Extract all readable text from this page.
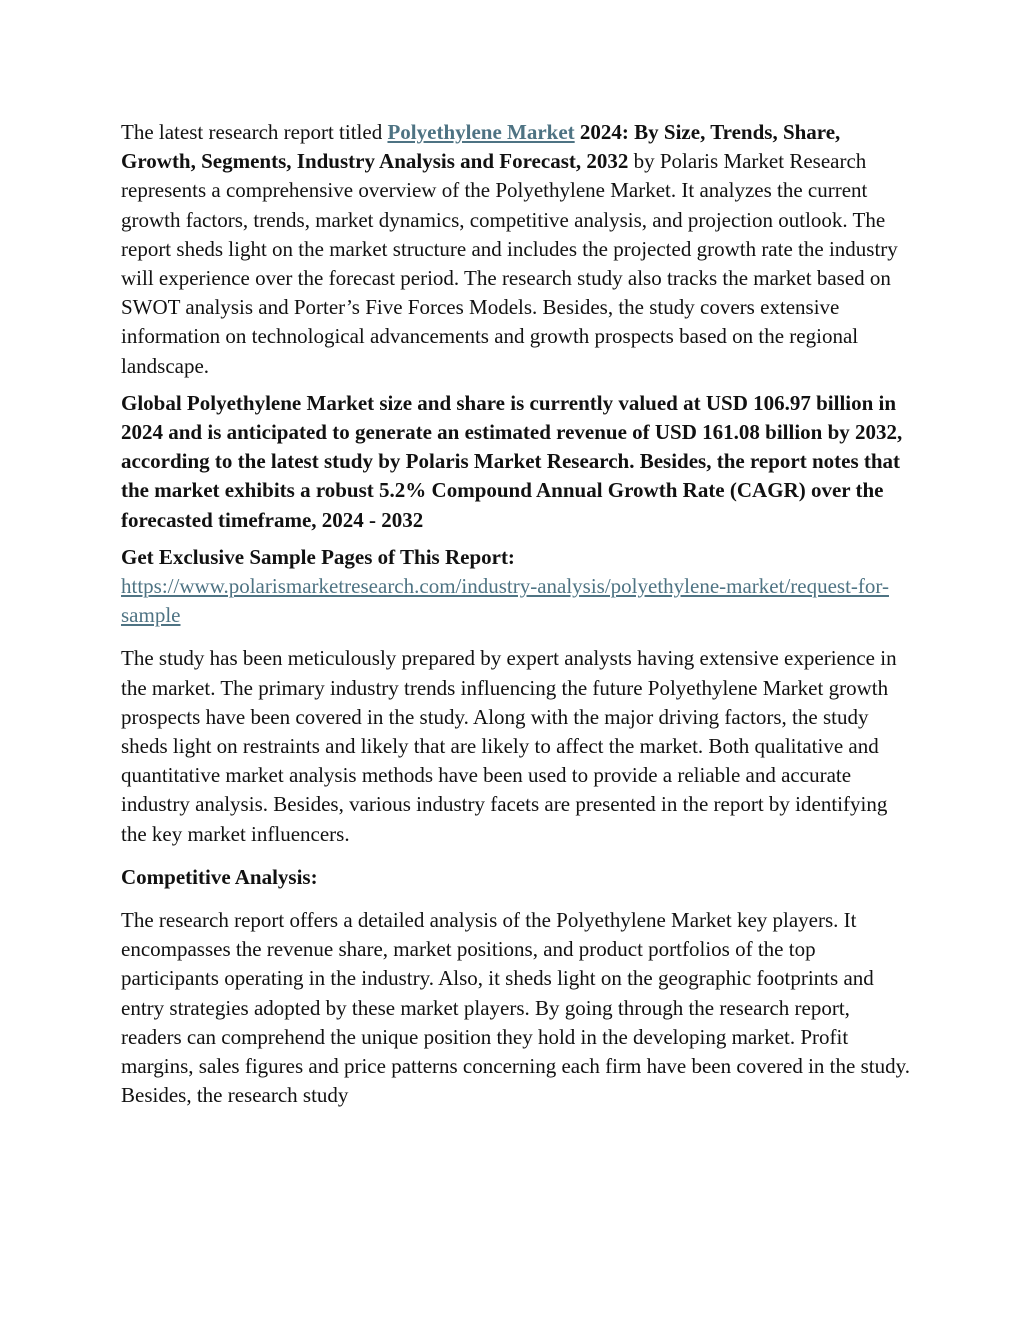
The latest research report titled Polyethylene Market 2024: By Size, Trends, Share, Growth, Segments, Industry Analysis and Forecast, 2032 by Polaris Market Research represents a comprehensive overview of the Polyethylene Market. It analyzes the current growth factors, trends, market dynamics, competitive analysis, and projection outlook. The report sheds light on the market structure and includes the projected growth rate the industry will experience over the forecast period. The research study also tracks the market based on SWOT analysis and Porter’s Five Forces Models. Besides, the study covers extensive information on technological advancements and growth prospects based on the regional landscape.

Global Polyethylene Market size and share is currently valued at USD 106.97 billion in 2024 and is anticipated to generate an estimated revenue of USD 161.08 billion by 2032, according to the latest study by Polaris Market Research. Besides, the report notes that the market exhibits a robust 5.2% Compound Annual Growth Rate (CAGR) over the forecasted timeframe, 2024 - 2032

Get Exclusive Sample Pages of This Report:
https://www.polarismarketresearch.com/industry-analysis/polyethylene-market/request-for-sample

The study has been meticulously prepared by expert analysts having extensive experience in the market. The primary industry trends influencing the future Polyethylene Market growth prospects have been covered in the study. Along with the major driving factors, the study sheds light on restraints and likely that are likely to affect the market. Both qualitative and quantitative market analysis methods have been used to provide a reliable and accurate industry analysis. Besides, various industry facets are presented in the report by identifying the key market influencers.

Competitive Analysis:

The research report offers a detailed analysis of the Polyethylene Market key players. It encompasses the revenue share, market positions, and product portfolios of the top participants operating in the industry. Also, it sheds light on the geographic footprints and entry strategies adopted by these market players. By going through the research report, readers can comprehend the unique position they hold in the developing market. Profit margins, sales figures and price patterns concerning each firm have been covered in the study. Besides, the research study
